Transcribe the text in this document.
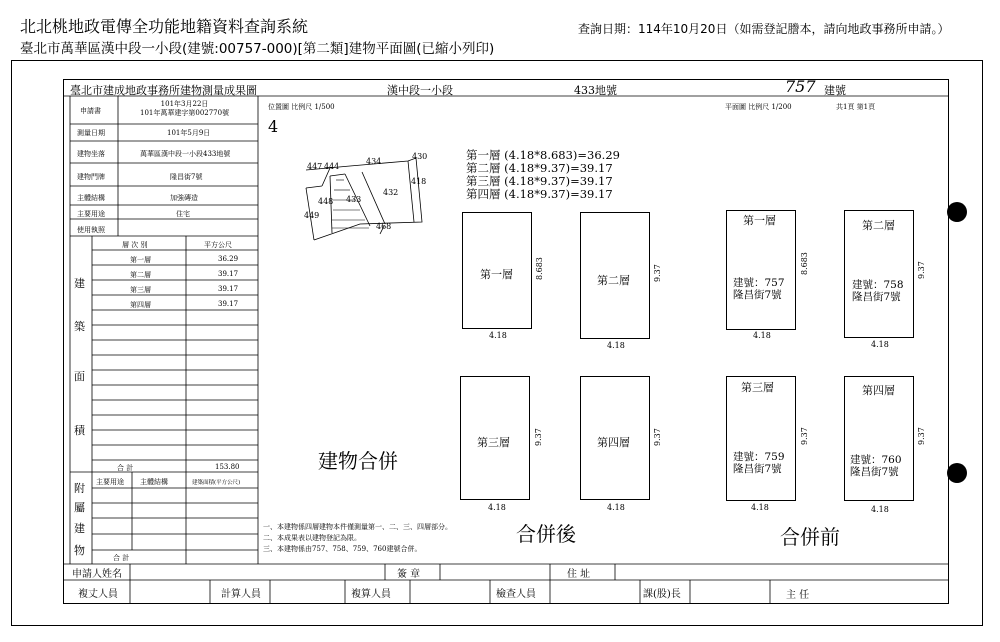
北北桃地政電傳全功能地籍資料查詢系統
臺北市萬華區漢中段一小段(建號:00757-000)[第二類]建物平面圖(已縮小列印)
查詢日期：114年10月20日（如需登記謄本，請向地政事務所申請。）
臺北市建成地政事務所建物測量成果圖	漢中段一小段	433地號	757 建號
位置圖 比例尺 1/500	平面圖 比例尺 1/200	共1頁 第1頁
4
申請書
101年3月22日
101年萬華建字第002770號
測量日期	101年5月9日
建物坐落	萬華區漢中段一小段433地號
建物門牌	隆昌街7號
主體結構	加強磚造
主要用途	住宅
使用執照
層 次 別	平方公尺
建
築
面
積
第一層	36.29
第二層	39.17
第三層	39.17
第四層	39.17
合 計	153.80
附
屬
建
物
主要用途 主體結構	建築面積(平方公尺)
合 計
447 444
434
430
418
432
448 433
449
468
第一層 (4.18*8.683)=36.29
第二層 (4.18*9.37)=39.17
第三層 (4.18*9.37)=39.17
第四層 (4.18*9.37)=39.17
第一層	8.683
4.18
第二層	9.37
4.18
第三層	9.37
4.18
第四層	9.37
4.18
第一層
建號：757
隆昌街7號
8.683
4.18
第二層
建號：758
隆昌街7號
9.37
4.18
第三層
建號：759
隆昌街7號
9.37
4.18
第四層
建號：760
隆昌街7號
9.37
4.18
建物合併
合併後	合併前
一、本建物係四層建物本件僅測量第一、二、三、四層部分。
二、本成果表以建物登記為限。
三、本建物係由757、758、759、760建號合併。
申請人姓名	簽 章	住 址
複丈人員	計算人員	複算人員	檢查人員	課(股)長	主 任
